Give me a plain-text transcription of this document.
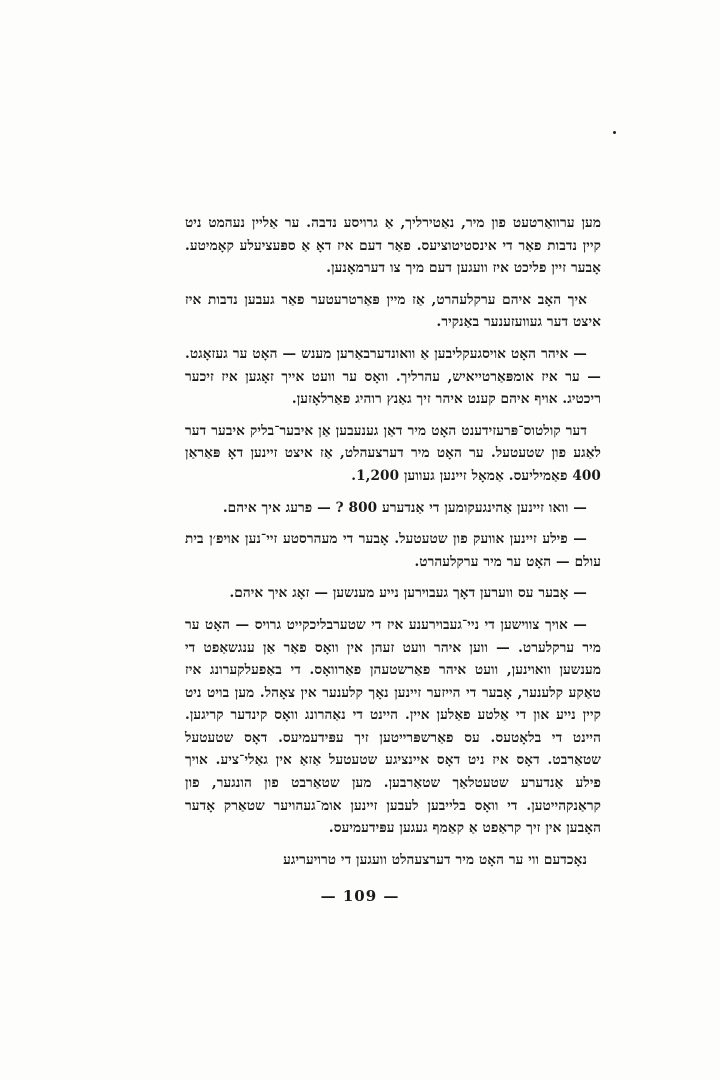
מען ערוואַרטעט פון מיר, נאַטירליך, אַ גרויסע נדבה. ער אַליין נעהמט ניט קיין נדבות פאַר די אינסטיטוציעס. פאַר דעם איז דאָ אַ ספּעציעלע קאָמיטע. אָבער זיין פליכט איז וועגען דעם מיך צו דערמאָנען.

איך האָב איהם ערקלעהרט, אַז מיין פּאַרטרעטער פאַר געבען נדבות איז איצט דער געוועזענער באַנקיר.

— איהר האָט אויסגעקליבען אַ וואונדערבאַרען מענש — האָט ער געזאָגט. — ער איז אומפּאַרטייאיש, עהרליך. וואָס ער וועט אייך זאָגען איז זיכער ריכטיג. אויף איהם קענט איהר זיך גאַנץ רוהיג פאַרלאָזען.

דער קולטוס־פּרעזידענט האָט מיר דאַן גענעבען אַן איבער־בליק איבער דער לאַגע פון שטעטעל. ער האָט מיר דערצעהלט, אַז איצט זיינען דאָ פּאַראַן 400 פאַמיליעס. אַמאָל זיינען געווען 1,200.

— וואו זיינען אַהינגעקומען די אַנדערע 800 ? — פרעג איך איהם.

— פילע זיינען אוועק פון שטעטעל. אָבער די מעהרסטע זיי־נען אויפ׳ן בית עולם — האָט ער מיר ערקלעהרט.

— אָבער עס ווערען דאָך געבוירען נייע מענשען — זאָג איך איהם.

— אויך צווישען די ניי־געבוירענע איז די שטערבליכקייט גרויס — האָט ער מיר ערקלערט. — ווען איהר וועט זעהן אין וואָס פאַר אַן ענגשאַפט די מענשען וואוינען, וועט איהר פאַרשטעהן פאַרוואָס. די באַפעלקערונג איז טאַקע קלענער, אָבער די הייזער זיינען נאָך קלענער אין צאָהל. מען בויט ניט קיין נייע און די אַלטע פאַלען איין. היינט די נאַהרונג וואָס קינדער קריגען. היינט די בלאָטעס. עס פאַרשפּרייטען זיך עפּידעמיעס. דאָס שטעטעל שטאַרבט. דאָס איז ניט דאָס איינציגע שטעטעל אַזאַ אין גאַלי־ציע. אויך פילע אַנדערע שטעטלאַך שטאַרבען. מען שטאַרבט פון הונגער, פון קראַנקהייטען. די וואָס בלייבען לעבען זיינען אומ־געהויער שטאַרק אָדער האָבען אין זיך קראַפט אַ קאַמף געגען עפּידעמיעס.

נאָכדעם ווי ער האָט מיר דערצעהלט וועגען די טרויעריגע

— 109 —
